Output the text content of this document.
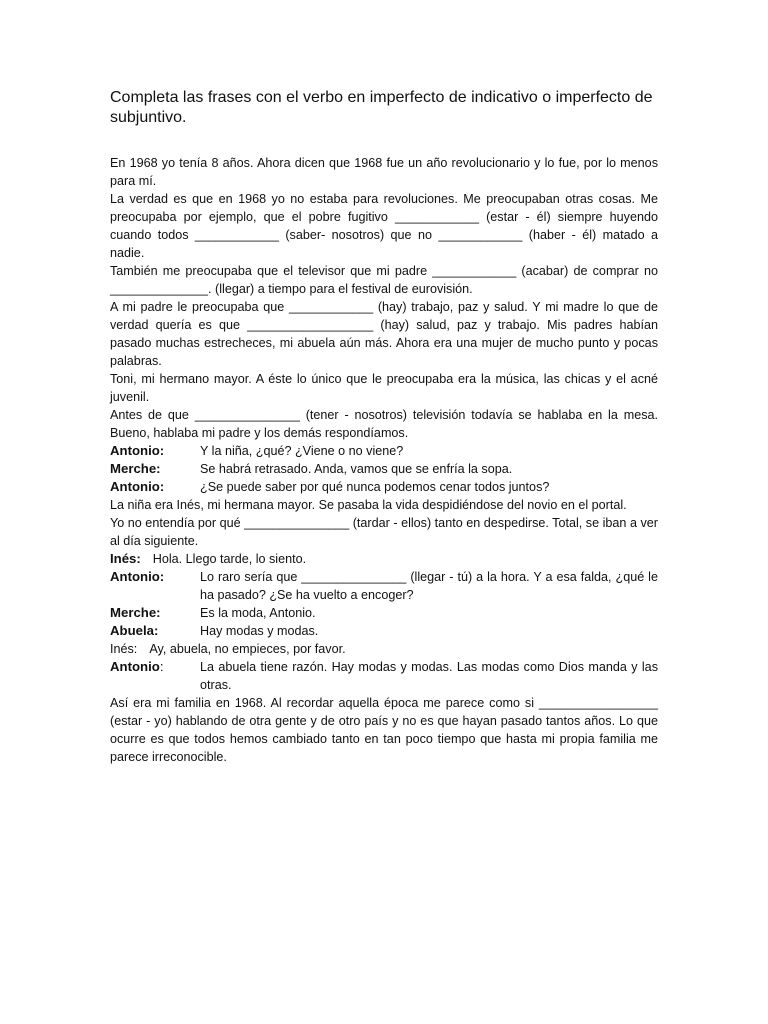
Completa las frases con el verbo en imperfecto de indicativo o imperfecto de subjuntivo.

En 1968 yo tenía 8 años. Ahora dicen que 1968 fue un año revolucionario y lo fue, por lo menos para mí.

La verdad es que en 1968 yo no estaba para revoluciones. Me preocupaban otras cosas. Me preocupaba por ejemplo, que el pobre fugitivo ____________ (estar - él) siempre huyendo cuando todos ____________ (saber- nosotros) que no ____________ (haber - él) matado a nadie.

También me preocupaba que el televisor que mi padre ____________ (acabar) de comprar no ______________. (llegar) a tiempo para el festival de eurovisión.

A mi padre le preocupaba que ____________ (hay) trabajo, paz y salud. Y mi madre lo que de verdad quería es que __________________ (hay) salud, paz y trabajo. Mis padres habían pasado muchas estrecheces, mi abuela aún más. Ahora era una mujer de mucho punto y pocas palabras.

Toni, mi hermano mayor. A éste lo único que le preocupaba era la música, las chicas y el acné juvenil.

Antes de que _______________ (tener - nosotros) televisión todavía se hablaba en la mesa. Bueno, hablaba mi padre y los demás respondíamos.

Antonio:	Y la niña, ¿qué? ¿Viene o no viene?
Merche:	Se habrá retrasado. Anda, vamos que se enfría la sopa.
Antonio:	¿Se puede saber por qué nunca podemos cenar todos juntos?

La niña era Inés, mi hermana mayor. Se pasaba la vida despidiéndose del novio en el portal.

Yo no entendía por qué _______________ (tardar - ellos) tanto en despedirse. Total, se iban a ver al día siguiente.

Inés: Hola. Llego tarde, lo siento.
Antonio:	Lo raro sería que _______________ (llegar - tú) a la hora. Y a esa falda, ¿qué le ha pasado? ¿Se ha vuelto a encoger?
Merche:	Es la moda, Antonio.
Abuela:	Hay modas y modas.
Inés: Ay, abuela, no empieces, por favor.
Antonio:	La abuela tiene razón. Hay modas y modas. Las modas como Dios manda y las otras.

Así era mi familia en 1968. Al recordar aquella época me parece como si _________________ (estar - yo) hablando de otra gente y de otro país y no es que hayan pasado tantos años. Lo que ocurre es que todos hemos cambiado tanto en tan poco tiempo que hasta mi propia familia me parece irreconocible.
